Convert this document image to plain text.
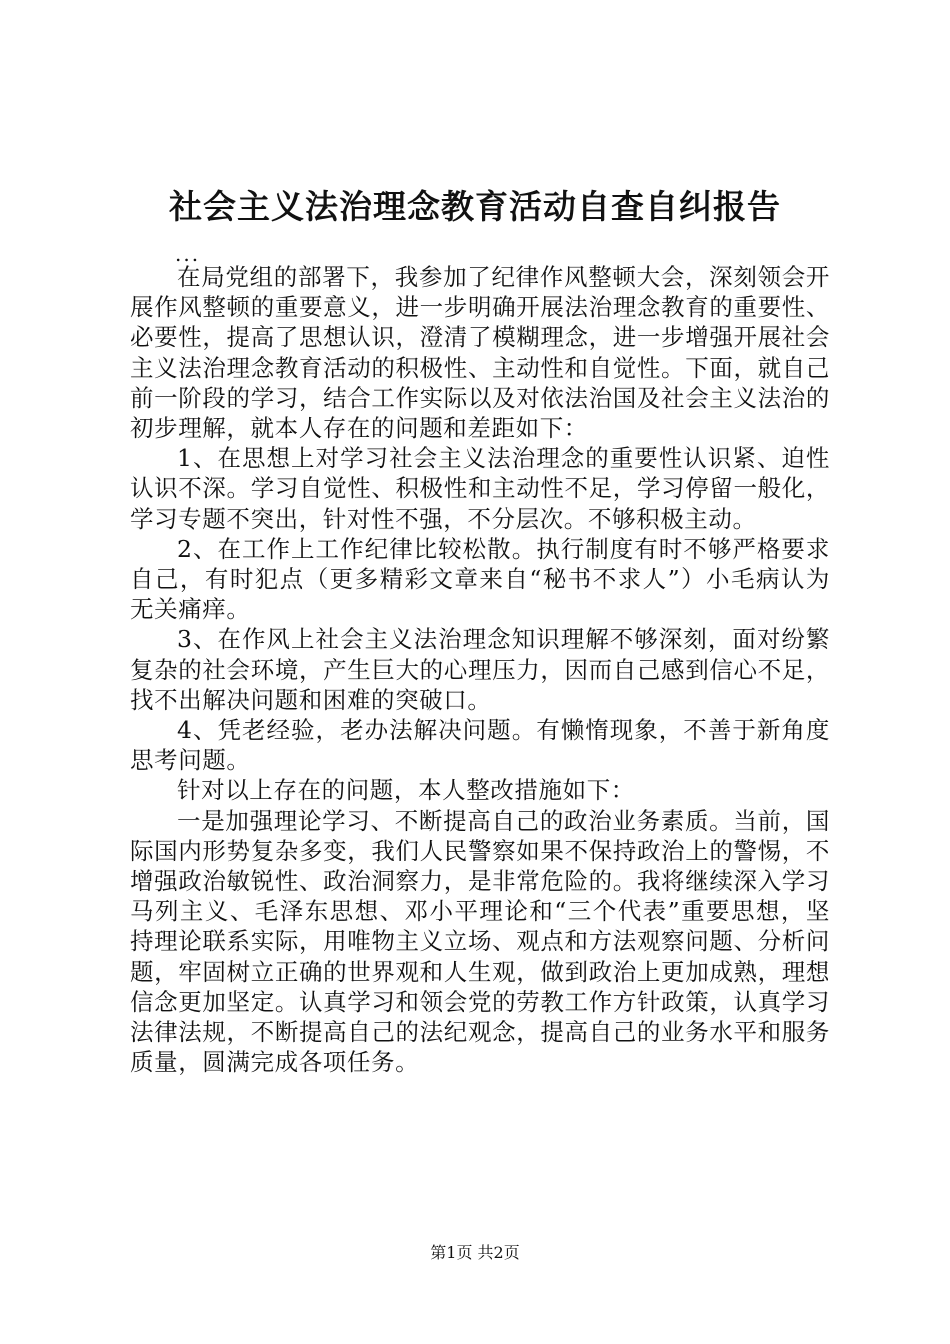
社会主义法治理念教育活动自查自纠报告
...

在局党组的部署下，我参加了纪律作风整顿大会，深刻领会开展作风整顿的重要意义，进一步明确开展法治理念教育的重要性、必要性，提高了思想认识，澄清了模糊理念，进一步增强开展社会主义法治理念教育活动的积极性、主动性和自觉性。下面，就自己前一阶段的学习，结合工作实际以及对依法治国及社会主义法治的初步理解，就本人存在的问题和差距如下：

1、在思想上对学习社会主义法治理念的重要性认识紧、迫性认识不深。学习自觉性、积极性和主动性不足，学习停留一般化，学习专题不突出，针对性不强，不分层次。不够积极主动。

2、在工作上工作纪律比较松散。执行制度有时不够严格要求自己，有时犯点（更多精彩文章来自“秘书不求人”）小毛病认为无关痛痒。

3、在作风上社会主义法治理念知识理解不够深刻，面对纷繁复杂的社会环境，产生巨大的心理压力，因而自己感到信心不足，找不出解决问题和困难的突破口。

4、凭老经验，老办法解决问题。有懒惰现象，不善于新角度思考问题。

针对以上存在的问题，本人整改措施如下：

一是加强理论学习、不断提高自己的政治业务素质。当前，国际国内形势复杂多变，我们人民警察如果不保持政治上的警惕，不增强政治敏锐性、政治洞察力，是非常危险的。我将继续深入学习马列主义、毛泽东思想、邓小平理论和“三个代表”重要思想，坚持理论联系实际，用唯物主义立场、观点和方法观察问题、分析问题，牢固树立正确的世界观和人生观，做到政治上更加成熟，理想信念更加坚定。认真学习和领会党的劳教工作方针政策，认真学习法律法规，不断提高自己的法纪观念，提高自己的业务水平和服务质量，圆满完成各项任务。

第1页 共2页
